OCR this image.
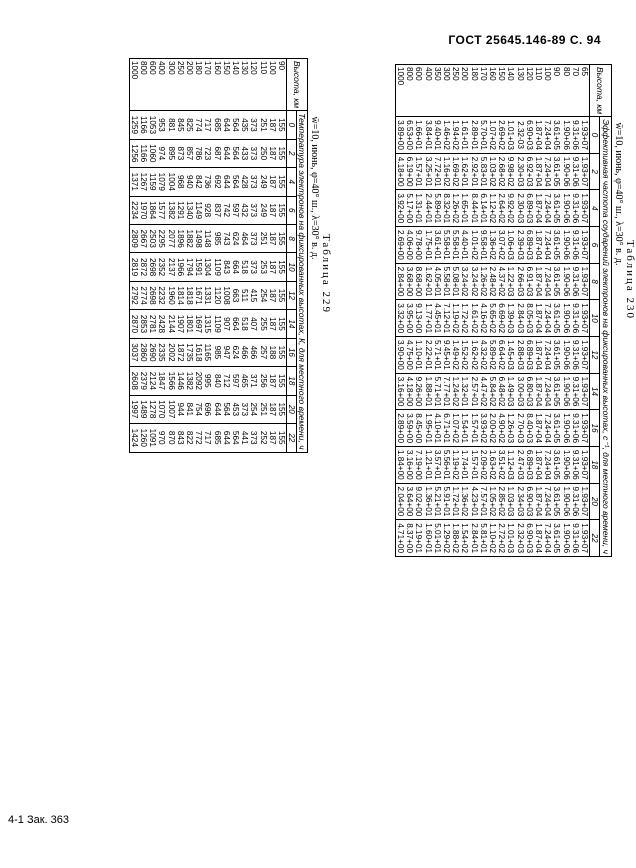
ГОСТ 25645.146-89 С. 94
Таблица 229
w̄=10, июнь, φ=40° ш., λ=30° в. д.
Высота, км	Температура электронов на фиксированных высотах, К, для местного времени, ч											
	0	2	4	6	8	10	12	14	16	18	20	22
90	155	155	155	155	155	155	155	155	155	155	155	155
100	187	187	187	187	187	187	187	187	188	187	187	187
110	251	250	249	249	251	253	254	255	257	256	251	252
120	373	373	373	373	373	373	415	407	466	371	254	373
130	435	433	428	432	464	518	511	518	466	465	373	441
140	564	564	564	597	624	664	663	664	624	597	453	564
150	644	644	644	742	743	843	1008	907	947	712	564	644
160	685	687	692	837	985	1109	1120	1109	985	840	644	685
170	717	723	736	928	1148	1304	1331	1315	1165	995	696	717
180	774	786	842	1149	1498	1591	1671	1697	1618	2092	754	772
200	825	857	940	1340	1882	1794	1818	1801	1735	1382	841	822
250	845	873	968	1291	1896	1966	1814	1907	1872	1446	944	843
300	881	895	1004	1382	2077	2137	1960	2144	2002	1566	1007	870
400	953	974	1079	1577	2295	2352	2232	2428	2335	1847	1070	970
600	1053	1060	1159	1864	2503	2698	2698	2781	2690	2124	1278	1091
800	1166	1166	1267	1970	2667	2872	2774	2853	2860	2379	1489	1260
1000	1259	1256	1371	2234	2809	2819	2792	2870	3037	2608	1997	1424
Таблица 230
w̄=10, июнь, φ=40° ш., λ=30° в. д.
Высота, км	Эффективная частота соударений электронов на фиксированных высотах, с⁻¹, для местного времени, ч											
	0	2	4	6	8	10	12	14	16	18	20	22
65	1.93+07	1.93+07	1.93+07	1.93+07	1.93+07	1.93+07	1.93+07	1.93+07	1.93+07	1.93+07	1.93+07	1.93+07
70	9.31+06	9.31+06	9.31+06	9.31+06	9.31+06	9.31+06	9.31+06	9.31+06	9.31+06	9.31+06	9.31+06	9.31+06
80	1.90+06	1.90+06	1.90+06	1.90+06	1.90+06	1.90+06	1.90+06	1.90+06	1.90+06	1.90+06	1.90+06	1.90+06
90	3.61+05	3.61+05	3.61+05	3.61+05	3.61+05	3.61+05	3.61+05	3.61+05	3.61+05	3.61+05	3.61+05	3.61+05
100	7.24+04	7.24+04	7.24+04	7.24+04	7.24+04	7.24+04	7.24+04	7.24+04	7.24+04	7.24+04	7.24+04	7.24+04
110	1.87+04	1.87+04	1.87+04	1.87+04	1.87+04	1.87+04	1.87+04	1.87+04	1.87+04	1.87+04	1.87+04	1.87+04
120	6.90+03	6.92+03	6.89+03	6.89+03	6.91+03	8.05+03	6.89+03	6.80+03	8.40+03	6.89+03	6.90+03	6.90+03
130	2.32-03	2.30+03	2.30+03	2.39+03	2.66+03	2.84+03	2.88+03	3.00+03	2.70+03	2.47+03	2.34+03	2.32+03
140	1.01+03	9.98+02	9.92+02	1.06+03	1.22+03	1.39+03	1.45+03	1.49+03	1.26+03	1.12+03	1.03+03	1.01+03
150	2.69+02	2.68+02	2.64+02	3.07+02	4.37+02	6.69+02	6.64+02	6.48+02	4.90+02	3.51+02	2.85+02	2.72+02
160	1.07+02	1.03+02	1.12+02	1.36+02	2.48+02	5.65+02	5.89+02	5.84+02	2.00+02	1.63+02	1.05+02	1.10+02
170	5.70+01	5.83+01	6.14+01	9.58+01	1.26+02	4.16+02	4.32+02	4.47+02	3.93+02	2.09+02	7.57+01	5.81+01
180	2.89+01	2.92+01	8.44+01	1.01+02	3.24+02	1.61+02	1.62+02	2.57+01	1.57+01	1.57+01	4.23+01	2.84+01
200	1.61+01	1.62+01	1.65+01	4.40+01	3.24+02	1.72+02	1.52+02	1.32+01	1.54+01	1.74+01	1.36+02	1.54+02
250	1.94+02	1.69+02	1.26+02	5.58+01	5.08+01	1.19+02	1.49+02	1.24+02	1.07+02	1.19+02	1.72+01	1.88+02
300	1.46+02	1.16+02	8.32+01	5.58+01	5.58+01	7.12+01	9.45+01	7.77+01	6.71+01	5.56+01	5.91+01	1.29+02
350	9.40+01	7.72+01	5.89+01	3.61+01	4.05+01	4.45+01	5.71+01	5.71+01	4.10+01	3.57+01	5.21+01	5.01+01
400	3.84+01	3.25+01	2.44+01	1.75+01	1.62+01	1.77+01	2.22+01	1.88+01	1.95+01	1.21+01	1.36+01	1.60+01
600	1.66+01	1.57+01	1.31+01	9.78+00	8.68+00	9.13+00	1.10+01	9.26+00	8.45+00	7.19+00	9.02+00	2.19+01
800	6.53+00	6.19+00	5.17+00	4.06+00	3.68+00	3.95+00	4.75+00	4.18+00	3.59+00	3.16+00	3.64+00	8.37+00
1000	3.89+00	4.18+00	3.92+00	2.69+00	2.84+00	3.32+00	3.90+00	3.16+00	2.89+00	1.84+00	2.04+00	4.71+00
4-1 Зак. 363
